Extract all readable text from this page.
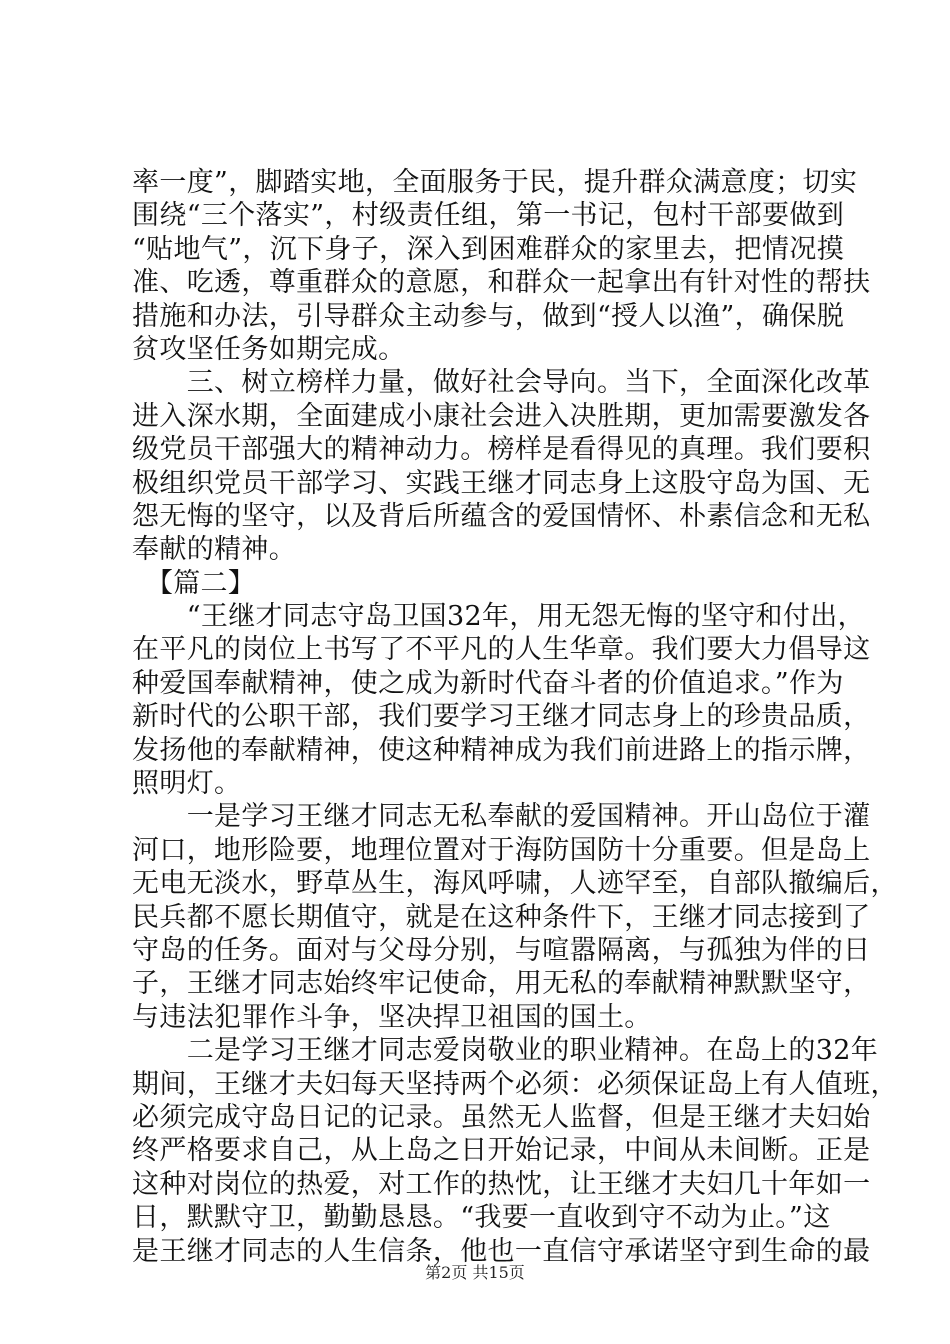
率一度”，脚踏实地，全面服务于民，提升群众满意度；切实
围绕“三个落实”，村级责任组，第一书记，包村干部要做到
“贴地气”，沉下身子，深入到困难群众的家里去，把情况摸
准、吃透，尊重群众的意愿，和群众一起拿出有针对性的帮扶
措施和办法，引导群众主动参与，做到“授人以渔”，确保脱
贫攻坚任务如期完成。
　　三、树立榜样力量，做好社会导向。当下，全面深化改革
进入深水期，全面建成小康社会进入决胜期，更加需要激发各
级党员干部强大的精神动力。榜样是看得见的真理。我们要积
极组织党员干部学习、实践王继才同志身上这股守岛为国、无
怨无悔的坚守，以及背后所蕴含的爱国情怀、朴素信念和无私
奉献的精神。
　【篇二】
　　“王继才同志守岛卫国32年，用无怨无悔的坚守和付出，
在平凡的岗位上书写了不平凡的人生华章。我们要大力倡导这
种爱国奉献精神，使之成为新时代奋斗者的价值追求。”作为
新时代的公职干部，我们要学习王继才同志身上的珍贵品质，
发扬他的奉献精神，使这种精神成为我们前进路上的指示牌，
照明灯。
　　一是学习王继才同志无私奉献的爱国精神。开山岛位于灌
河口，地形险要，地理位置对于海防国防十分重要。但是岛上
无电无淡水，野草丛生，海风呼啸，人迹罕至，自部队撤编后，
民兵都不愿长期值守，就是在这种条件下，王继才同志接到了
守岛的任务。面对与父母分别，与喧嚣隔离，与孤独为伴的日
子，王继才同志始终牢记使命，用无私的奉献精神默默坚守，
与违法犯罪作斗争，坚决捍卫祖国的国土。
　　二是学习王继才同志爱岗敬业的职业精神。在岛上的32年
期间，王继才夫妇每天坚持两个必须：必须保证岛上有人值班，
必须完成守岛日记的记录。虽然无人监督，但是王继才夫妇始
终严格要求自己，从上岛之日开始记录，中间从未间断。正是
这种对岗位的热爱，对工作的热忱，让王继才夫妇几十年如一
日，默默守卫，勤勤恳恳。“我要一直收到守不动为止。”这
是王继才同志的人生信条，他也一直信守承诺坚守到生命的最
第2页 共15页
